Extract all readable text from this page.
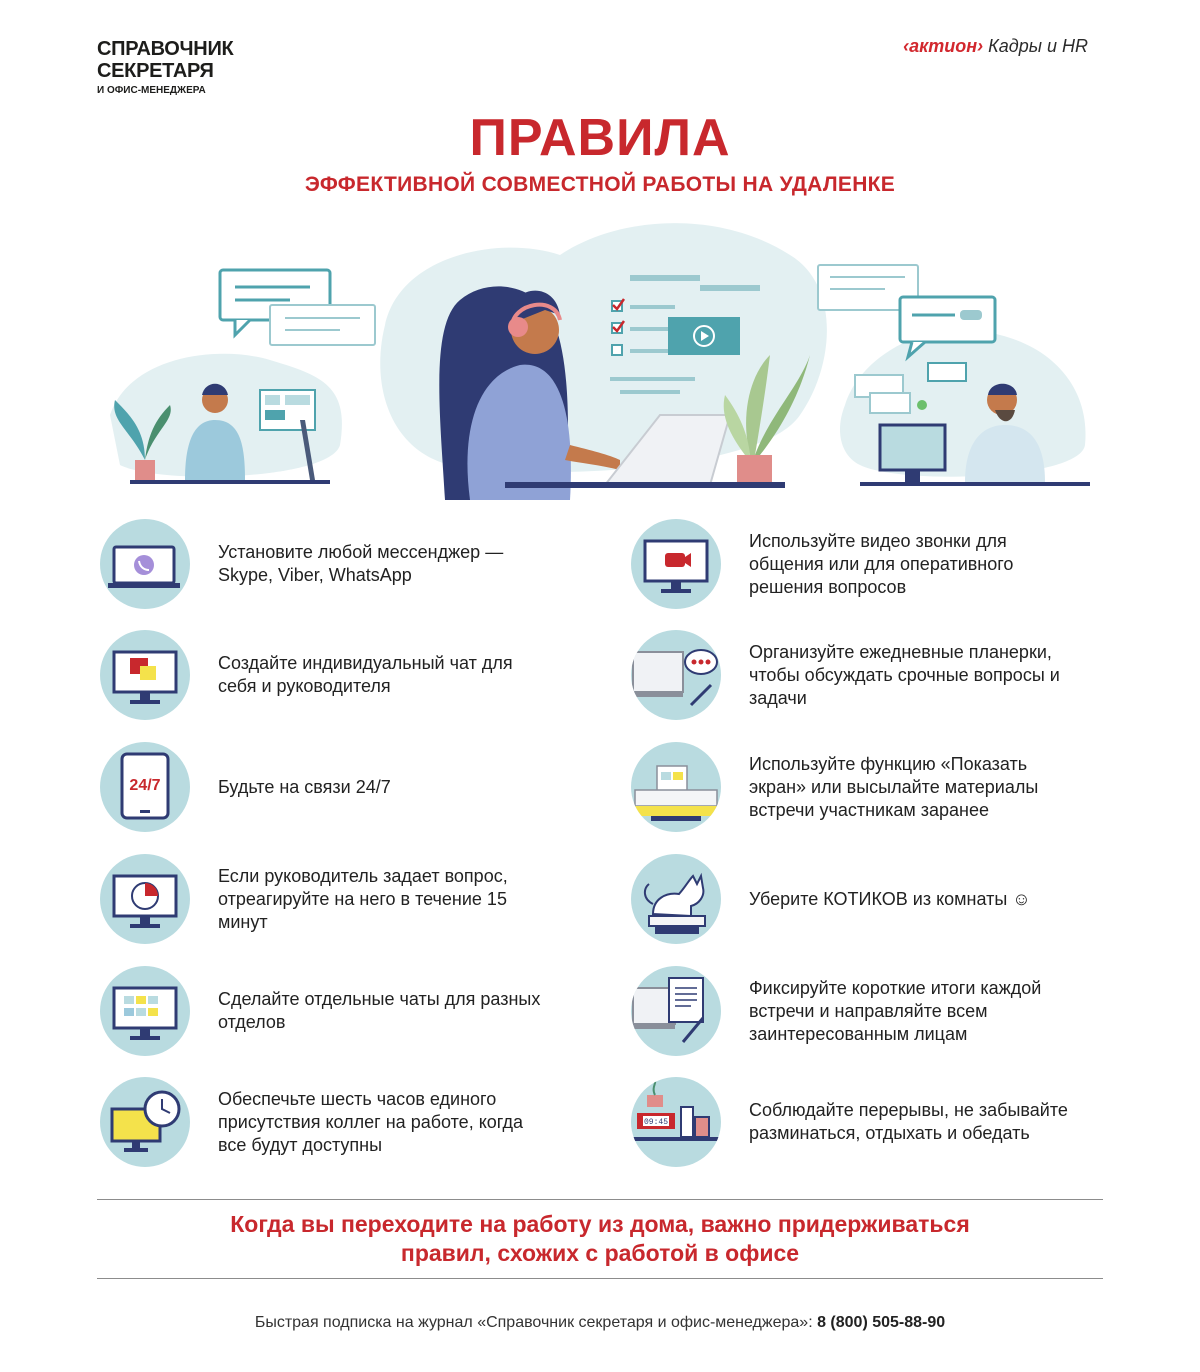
СПРАВОЧНИК
СЕКРЕТАРЯ
И ОФИС-МЕНЕДЖЕРА
‹актион› Кадры и HR
ПРАВИЛА
ЭФФЕКТИВНОЙ СОВМЕСТНОЙ РАБОТЫ НА УДАЛЕНКЕ
Установите любой мессенджер — Skype, Viber, WhatsApp
Создайте индивидуальный чат для себя и руководителя
24/7	Будьте на связи 24/7
Если руководитель задает вопрос, отреагируйте на него в течение 15 минут
Сделайте отдельные чаты для разных отделов
Обеспечьте шесть часов единого присутствия коллег на работе, когда все будут доступны
Используйте видео звонки для общения или для оперативного решения вопросов
Организуйте ежедневные планерки, чтобы обсуждать срочные вопросы и задачи
Используйте функцию «Показать экран» или высылайте материалы встречи участникам заранее
Уберите КОТИКОВ из комнаты ☺
Фиксируйте короткие итоги каждой встречи и направляйте всем заинтересованным лицам
09:45
Соблюдайте перерывы, не забывайте разминаться, отдыхать и обедать
Когда вы переходите на работу из дома, важно придерживаться
правил, схожих с работой в офисе
Быстрая подписка на журнал «Справочник секретаря и офис-менеджера»: 8 (800) 505-88-90
